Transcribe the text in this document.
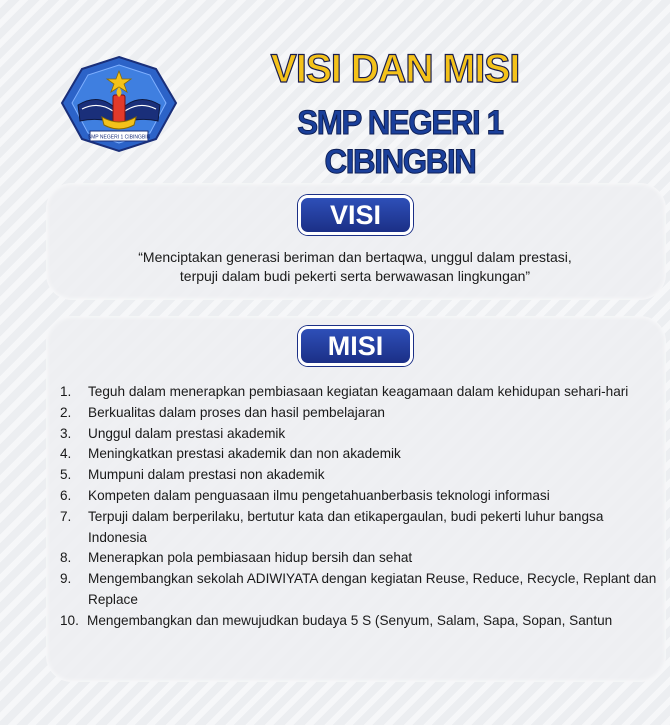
SMP NEGERI 1 CIBINGBIN
VISI DAN MISI
SMP NEGERI 1 CIBINGBIN
VISI
“Menciptakan generasi beriman dan bertaqwa, unggul dalam prestasi,
terpuji dalam budi pekerti serta berwawasan lingkungan”
MISI
1.	Teguh dalam menerapkan pembiasaan kegiatan keagamaan dalam kehidupan sehari-hari
2.	Berkualitas dalam proses dan hasil pembelajaran
3.	Unggul dalam prestasi akademik
4.	Meningkatkan prestasi akademik dan non akademik
5.	Mumpuni dalam prestasi non akademik
6.	Kompeten dalam penguasaan ilmu pengetahuanberbasis teknologi informasi
7.	Terpuji dalam berperilaku, bertutur kata dan etikapergaulan, budi pekerti luhur bangsa Indonesia
8.	Menerapkan pola pembiasaan hidup bersih dan sehat
9.	Mengembangkan sekolah ADIWIYATA dengan kegiatan Reuse, Reduce, Recycle, Replant dan Replace
10. Mengembangkan dan mewujudkan budaya 5 S (Senyum, Salam, Sapa, Sopan, Santun
